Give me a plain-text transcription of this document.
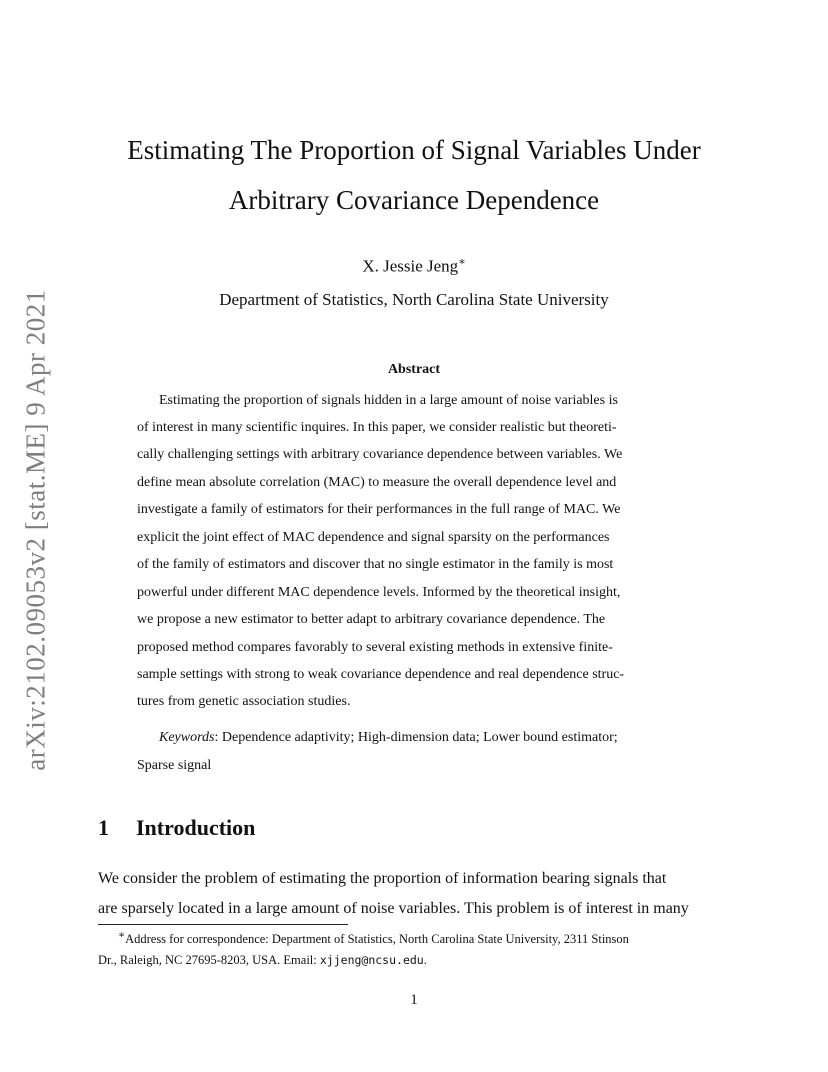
arXiv:2102.09053v2 [stat.ME] 9 Apr 2021
Estimating The Proportion of Signal Variables Under
Arbitrary Covariance Dependence
X. Jessie Jeng∗
Department of Statistics, North Carolina State University
Abstract
Estimating the proportion of signals hidden in a large amount of noise variables is
of interest in many scientific inquires. In this paper, we consider realistic but theoreti-
cally challenging settings with arbitrary covariance dependence between variables. We
define mean absolute correlation (MAC) to measure the overall dependence level and
investigate a family of estimators for their performances in the full range of MAC. We
explicit the joint effect of MAC dependence and signal sparsity on the performances
of the family of estimators and discover that no single estimator in the family is most
powerful under different MAC dependence levels. Informed by the theoretical insight,
we propose a new estimator to better adapt to arbitrary covariance dependence. The
proposed method compares favorably to several existing methods in extensive finite-
sample settings with strong to weak covariance dependence and real dependence struc-
tures from genetic association studies.
Keywords: Dependence adaptivity; High-dimension data; Lower bound estimator;
Sparse signal
1 Introduction
We consider the problem of estimating the proportion of information bearing signals that
are sparsely located in a large amount of noise variables. This problem is of interest in many
∗Address for correspondence: Department of Statistics, North Carolina State University, 2311 Stinson
Dr., Raleigh, NC 27695-8203, USA. Email: xjjeng@ncsu.edu.
1
